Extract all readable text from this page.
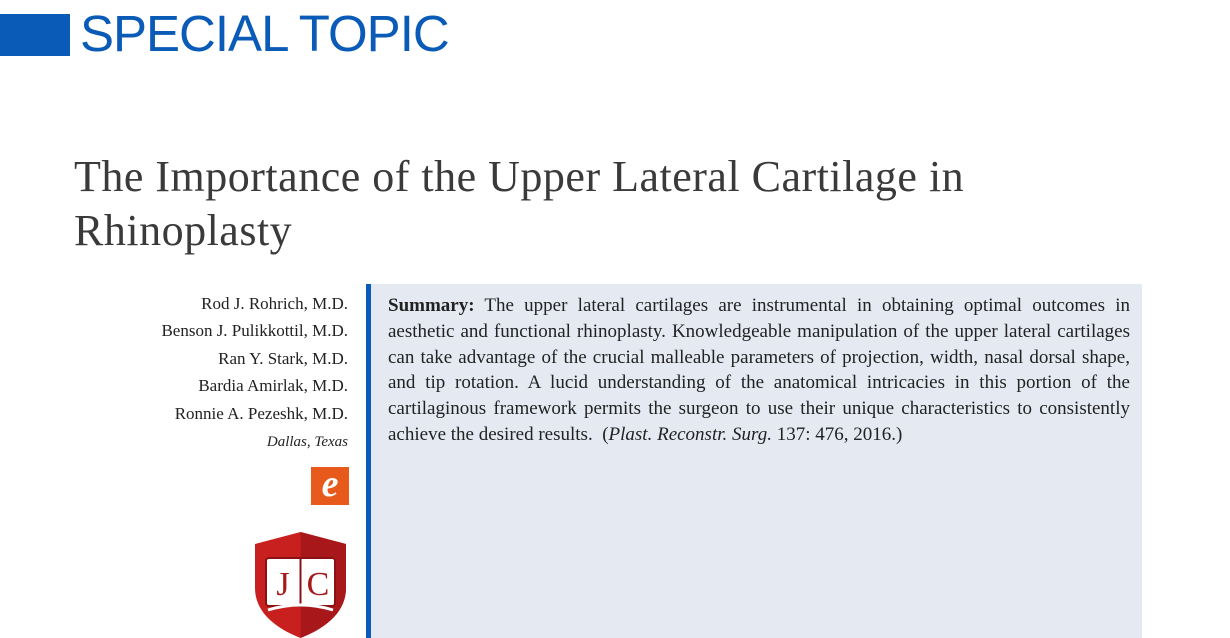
SPECIAL TOPIC
The Importance of the Upper Lateral Cartilage in Rhinoplasty
Rod J. Rohrich, M.D.
Benson J. Pulikkottil, M.D.
Ran Y. Stark, M.D.
Bardia Amirlak, M.D.
Ronnie A. Pezeshk, M.D.
Dallas, Texas
e
J C

Summary: The upper lateral cartilages are instrumental in obtaining optimal outcomes in aesthetic and functional rhinoplasty. Knowledgeable manipulation of the upper lateral cartilages can take advantage of the crucial malleable parameters of projection, width, nasal dorsal shape, and tip rotation. A lucid understanding of the anatomical intricacies in this portion of the cartilaginous framework permits the surgeon to use their unique characteristics to consistently achieve the desired results.  (Plast. Reconstr. Surg. 137: 476, 2016.)
